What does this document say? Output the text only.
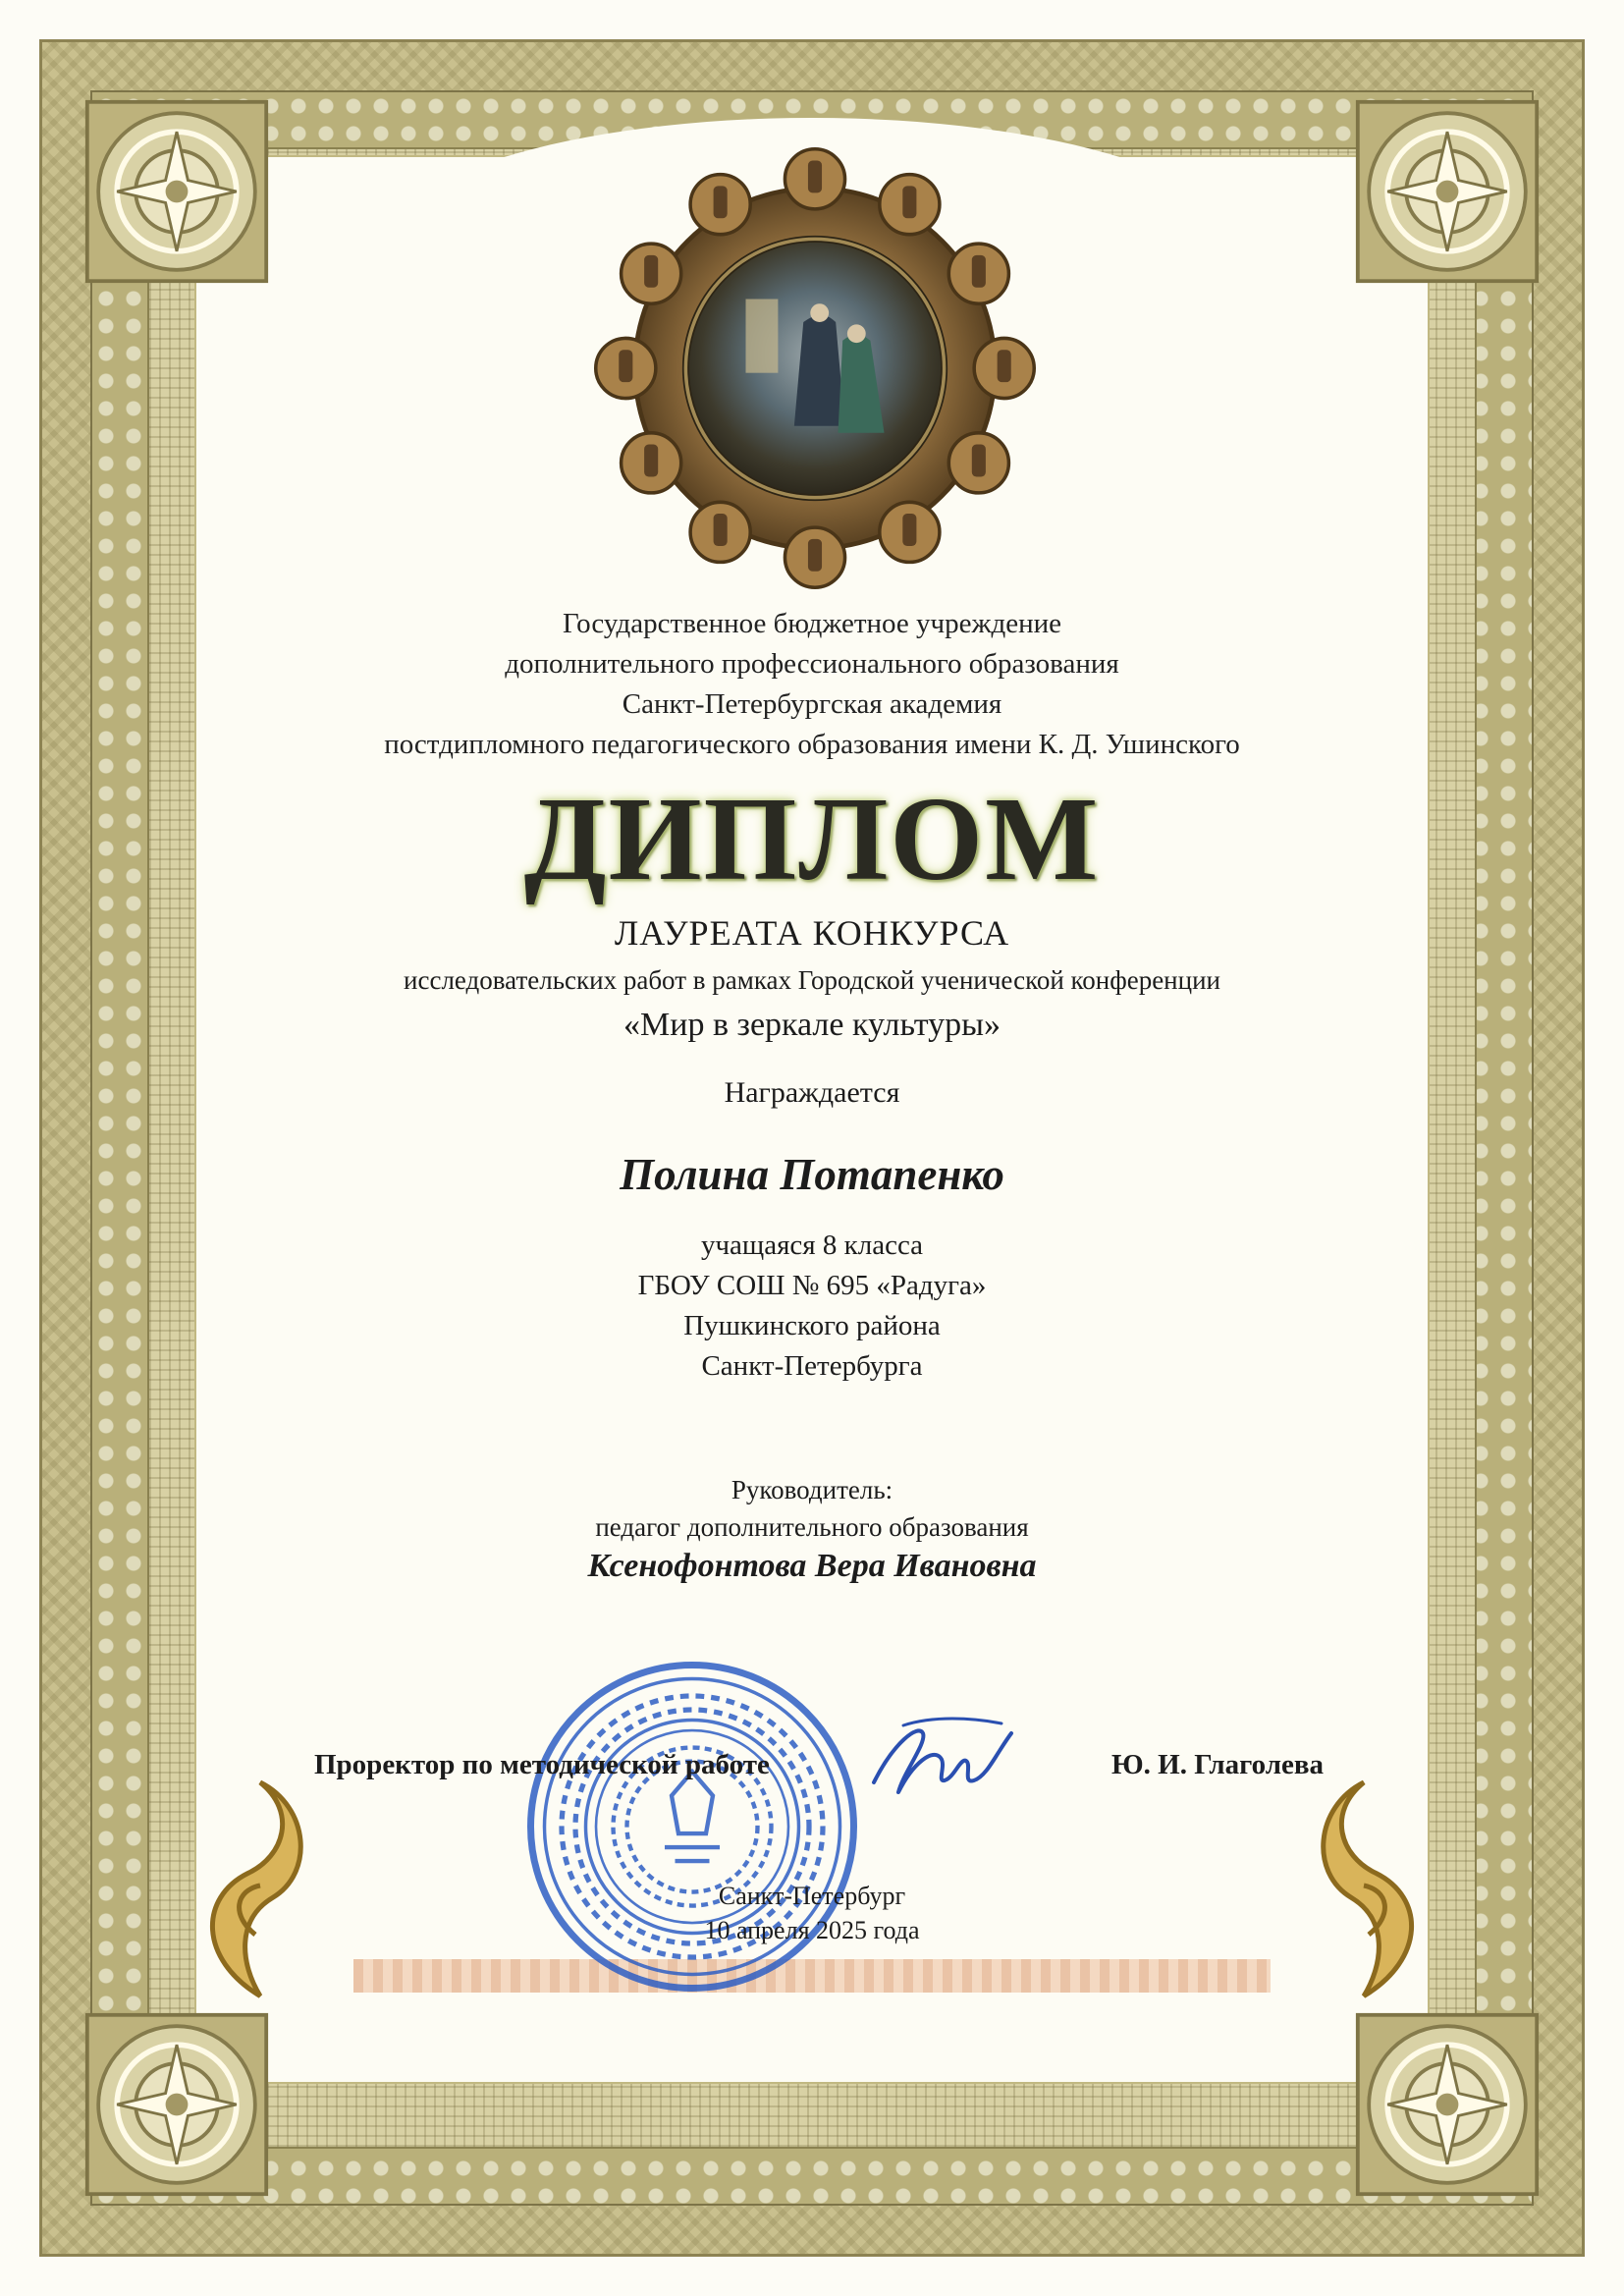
Государственное бюджетное учреждение
дополнительного профессионального образования
Санкт-Петербургская академия
постдипломного педагогического образования имени К. Д. Ушинского
ДИПЛОМ
ЛАУРЕАТА КОНКУРСА
исследовательских работ в рамках Городской ученической конференции
«Мир в зеркале культуры»
Награждается
Полина Потапенко
учащаяся 8 класса
ГБОУ СОШ № 695 «Радуга»
Пушкинского района
Санкт-Петербурга
Руководитель:
педагог дополнительного образования
Ксенофонтова Вера Ивановна
Проректор по методической работе	Ю. И. Глаголева
Санкт-Петербург
10 апреля 2025 года
